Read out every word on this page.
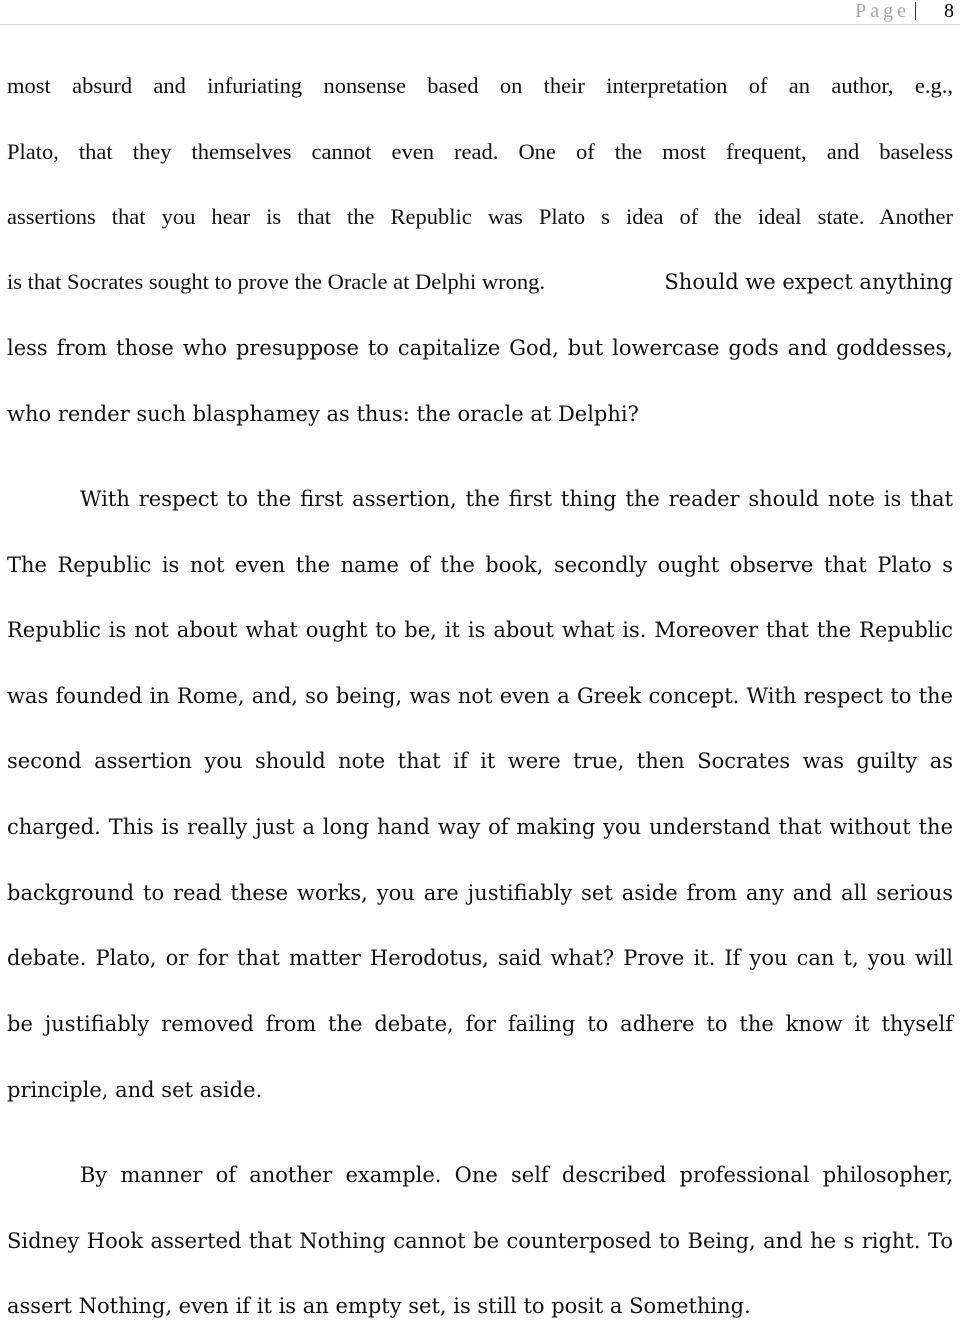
Page 8
most absurd and infuriating nonsense based on their interpretation of an author, e.g.,
Plato, that they themselves cannot even read. One of the most frequent, and baseless
assertions that you hear is that the Republic was Plato s idea of the ideal state. Another
is that Socrates sought to prove the Oracle at Delphi wrong.	Should we expect anything
less from those who presuppose to capitalize God, but lowercase gods and goddesses,
who render such blasphamey as thus: the oracle at Delphi?
With respect to the first assertion, the first thing the reader should note is that
The Republic is not even the name of the book, secondly ought observe that Plato s
Republic is not about what ought to be, it is about what is. Moreover that the Republic
was founded in Rome, and, so being, was not even a Greek concept. With respect to the
second assertion you should note that if it were true, then Socrates was guilty as
charged. This is really just a long hand way of making you understand that without the
background to read these works, you are justifiably set aside from any and all serious
debate. Plato, or for that matter Herodotus, said what? Prove it. If you can t, you will
be justifiably removed from the debate, for failing to adhere to the know it thyself
principle, and set aside.
By manner of another example. One self described professional philosopher,
Sidney Hook asserted that Nothing cannot be counterposed to Being, and he s right. To
assert Nothing, even if it is an empty set, is still to posit a Something.
